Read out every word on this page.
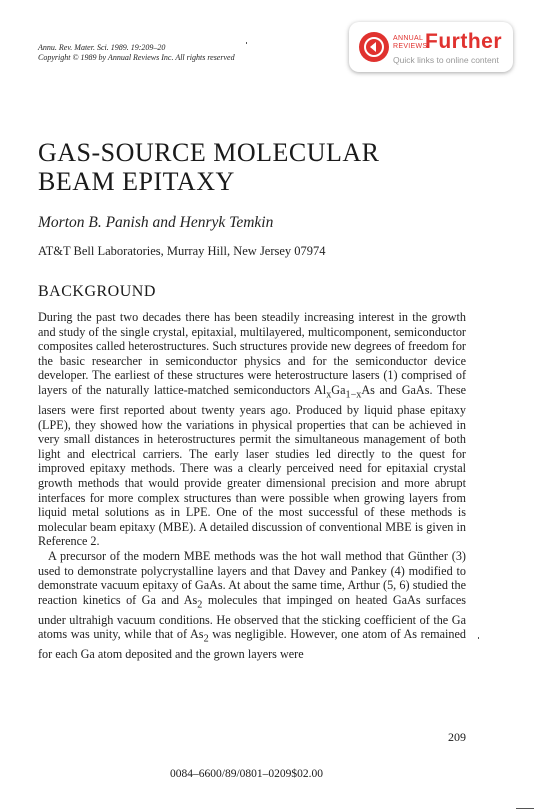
Annu. Rev. Mater. Sci. 1989. 19:209–20
Copyright © 1989 by Annual Reviews Inc. All rights reserved
ANNUAL
REVIEWS
Further
Quick links to online content
GAS-SOURCE MOLECULAR
BEAM EPITAXY
Morton B. Panish and Henryk Temkin
AT&T Bell Laboratories, Murray Hill, New Jersey 07974
BACKGROUND

During the past two decades there has been steadily increasing interest in the growth and study of the single crystal, epitaxial, multilayered, multicomponent, semiconductor composites called heterostructures. Such structures provide new degrees of freedom for the basic researcher in semiconductor physics and for the semiconductor device developer. The earliest of these structures were heterostructure lasers (1) comprised of layers of the naturally lattice-matched semiconductors $Al_xGa_{1-x}As$ and GaAs. These lasers were first reported about twenty years ago. Produced by liquid phase epitaxy (LPE), they showed how the variations in physical properties that can be achieved in very small distances in heterostructures permit the simultaneous management of both light and electrical carriers. The early laser studies led directly to the quest for improved epitaxy methods. There was a clearly perceived need for epitaxial crystal growth methods that would provide greater dimensional precision and more abrupt interfaces for more complex structures than were possible when growing layers from liquid metal solutions as in LPE. One of the most successful of these methods is molecular beam epitaxy (MBE). A detailed discussion of conventional MBE is given in Reference 2.

A precursor of the modern MBE methods was the hot wall method that Günther (3) used to demonstrate polycrystalline layers and that Davey and Pankey (4) modified to demonstrate vacuum epitaxy of GaAs. At about the same time, Arthur (5, 6) studied the reaction kinetics of Ga and $As_2$ molecules that impinged on heated GaAs surfaces under ultrahigh vacuum conditions. He observed that the sticking coefficient of the Ga atoms was unity, while that of $As_2$ was negligible. However, one atom of As remained for each Ga atom deposited and the grown layers were

209
0084–6600/89/0801–0209$02.00
